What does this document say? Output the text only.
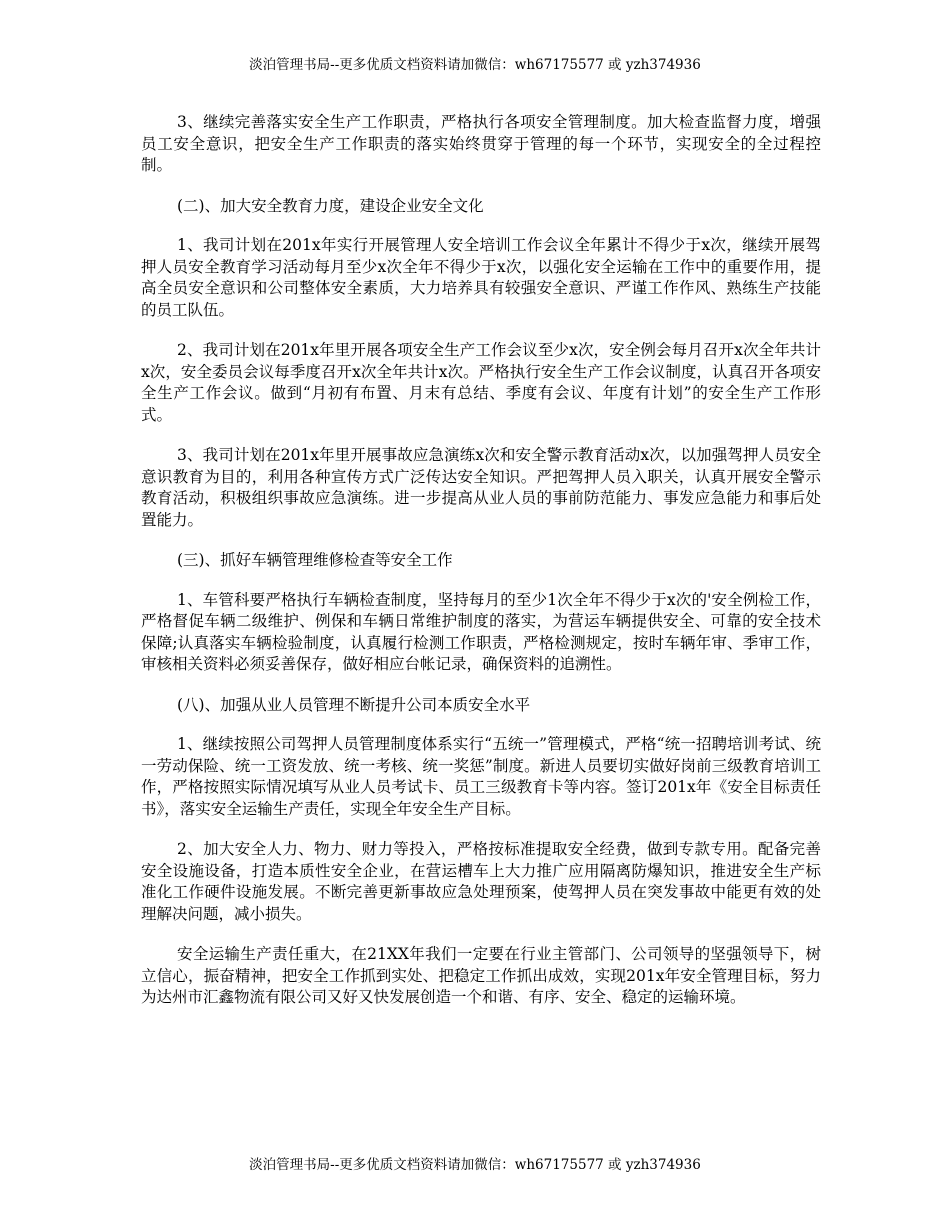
淡泊管理书局--更多优质文档资料请加微信：wh67175577 或 yzh374936

3、继续完善落实安全生产工作职责，严格执行各项安全管理制度。加大检查监督力度，增强员工安全意识，把安全生产工作职责的落实始终贯穿于管理的每一个环节，实现安全的全过程控制。

(二)、加大安全教育力度，建设企业安全文化

1、我司计划在201x年实行开展管理人安全培训工作会议全年累计不得少于x次，继续开展驾押人员安全教育学习活动每月至少x次全年不得少于x次，以强化安全运输在工作中的重要作用，提高全员安全意识和公司整体安全素质，大力培养具有较强安全意识、严谨工作作风、熟练生产技能的员工队伍。

2、我司计划在201x年里开展各项安全生产工作会议至少x次，安全例会每月召开x次全年共计x次，安全委员会议每季度召开x次全年共计x次。严格执行安全生产工作会议制度，认真召开各项安全生产工作会议。做到“月初有布置、月末有总结、季度有会议、年度有计划”的安全生产工作形式。

3、我司计划在201x年里开展事故应急演练x次和安全警示教育活动x次，以加强驾押人员安全意识教育为目的，利用各种宣传方式广泛传达安全知识。严把驾押人员入职关，认真开展安全警示教育活动，积极组织事故应急演练。进一步提高从业人员的事前防范能力、事发应急能力和事后处置能力。

(三)、抓好车辆管理维修检查等安全工作

1、车管科要严格执行车辆检查制度，坚持每月的至少1次全年不得少于x次的'安全例检工作，严格督促车辆二级维护、例保和车辆日常维护制度的落实，为营运车辆提供安全、可靠的安全技术保障;认真落实车辆检验制度，认真履行检测工作职责，严格检测规定，按时车辆年审、季审工作，审核相关资料必须妥善保存，做好相应台帐记录，确保资料的追溯性。

(八)、加强从业人员管理不断提升公司本质安全水平

1、继续按照公司驾押人员管理制度体系实行“五统一”管理模式，严格“统一招聘培训考试、统一劳动保险、统一工资发放、统一考核、统一奖惩”制度。新进人员要切实做好岗前三级教育培训工作，严格按照实际情况填写从业人员考试卡、员工三级教育卡等内容。签订201x年《安全目标责任书》，落实安全运输生产责任，实现全年安全生产目标。

2、加大安全人力、物力、财力等投入，严格按标准提取安全经费，做到专款专用。配备完善安全设施设备，打造本质性安全企业，在营运槽车上大力推广应用隔离防爆知识，推进安全生产标准化工作硬件设施发展。不断完善更新事故应急处理预案，使驾押人员在突发事故中能更有效的处理解决问题，减小损失。

安全运输生产责任重大，在21XX年我们一定要在行业主管部门、公司领导的坚强领导下，树立信心，振奋精神，把安全工作抓到实处、把稳定工作抓出成效，实现201x年安全管理目标，努力为达州市汇鑫物流有限公司又好又快发展创造一个和谐、有序、安全、稳定的运输环境。

淡泊管理书局--更多优质文档资料请加微信：wh67175577 或 yzh374936
